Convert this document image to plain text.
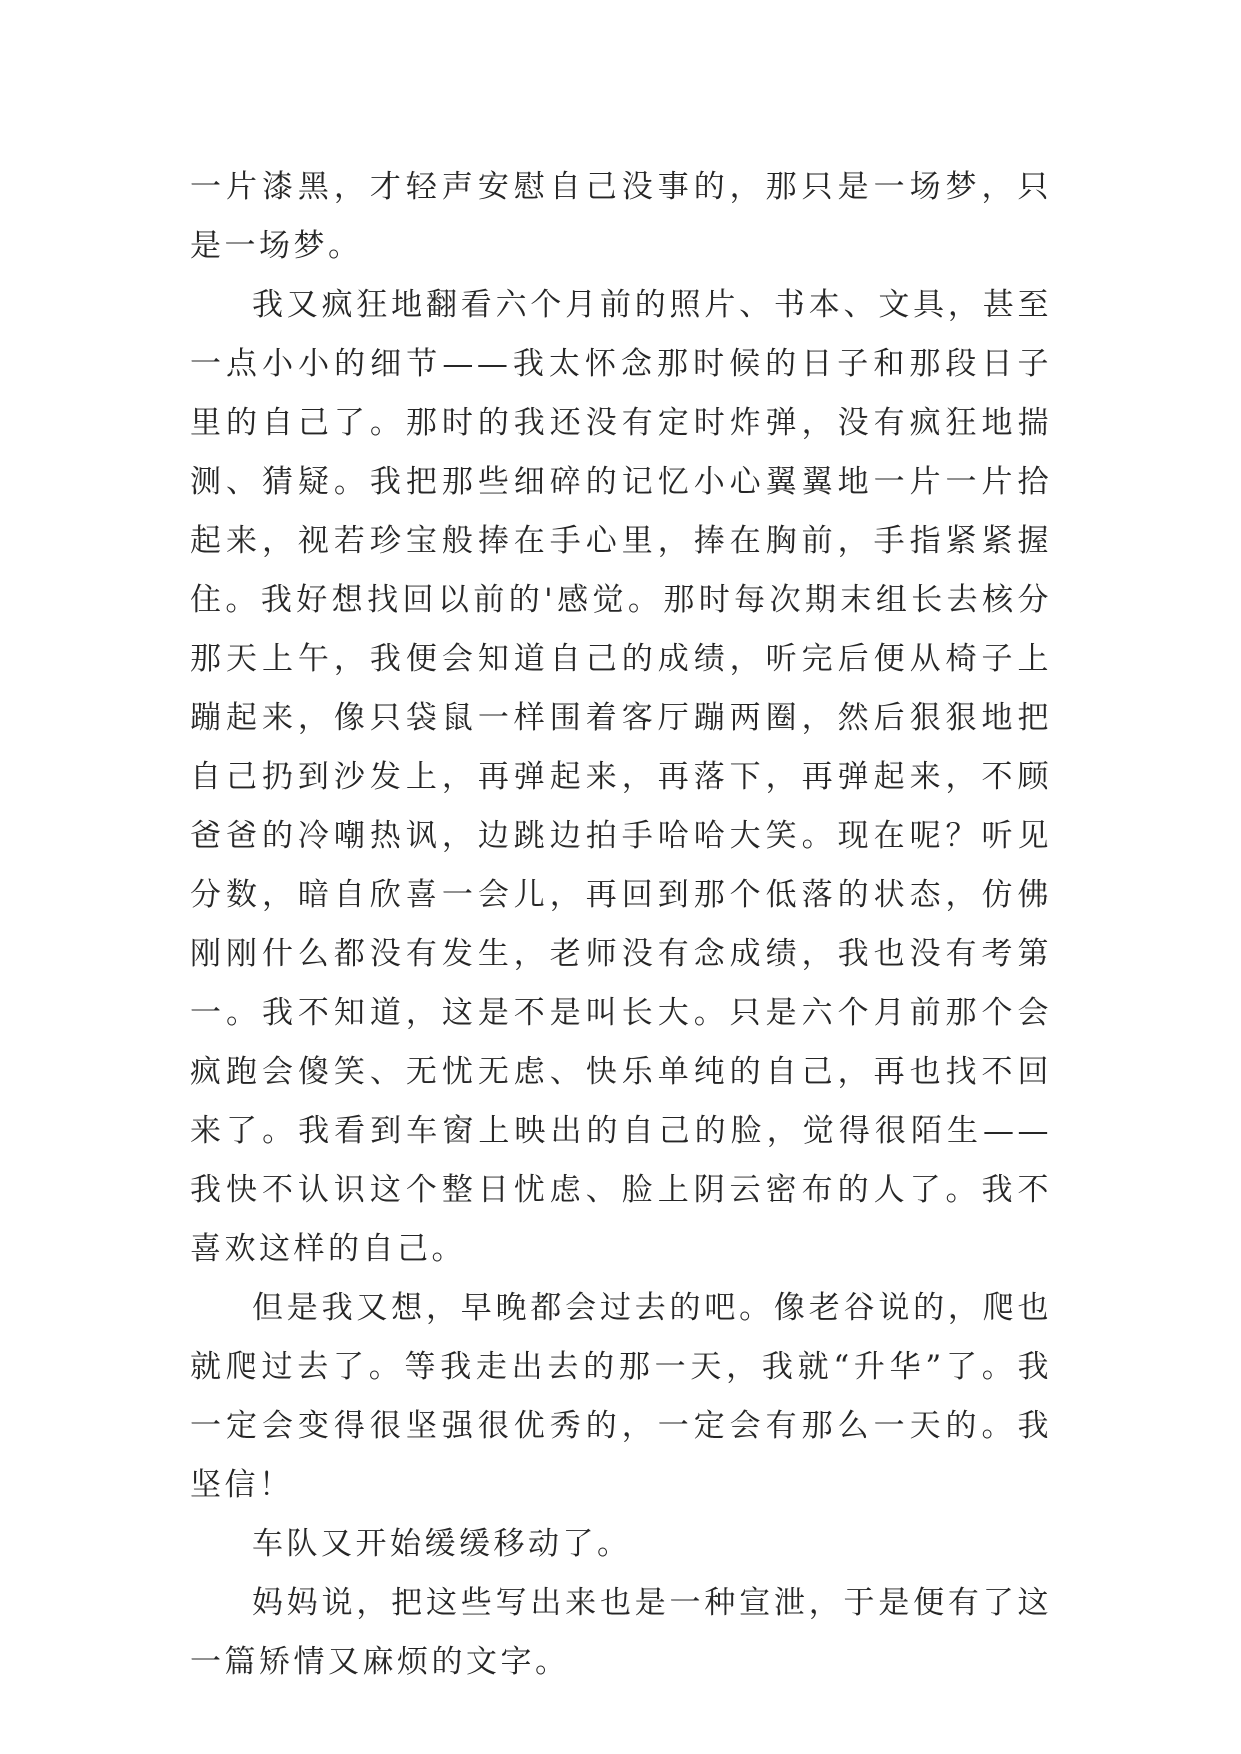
一片漆黑，才轻声安慰自己没事的，那只是一场梦，只是一场梦。

我又疯狂地翻看六个月前的照片、书本、文具，甚至一点小小的细节——我太怀念那时候的日子和那段日子里的自己了。那时的我还没有定时炸弹，没有疯狂地揣测、猜疑。我把那些细碎的记忆小心翼翼地一片一片拾起来，视若珍宝般捧在手心里，捧在胸前，手指紧紧握住。我好想找回以前的'感觉。那时每次期末组长去核分那天上午，我便会知道自己的成绩，听完后便从椅子上蹦起来，像只袋鼠一样围着客厅蹦两圈，然后狠狠地把自己扔到沙发上，再弹起来，再落下，再弹起来，不顾爸爸的冷嘲热讽，边跳边拍手哈哈大笑。现在呢？听见分数，暗自欣喜一会儿，再回到那个低落的状态，仿佛刚刚什么都没有发生，老师没有念成绩，我也没有考第一。我不知道，这是不是叫长大。只是六个月前那个会疯跑会傻笑、无忧无虑、快乐单纯的自己，再也找不回来了。我看到车窗上映出的自己的脸，觉得很陌生——我快不认识这个整日忧虑、脸上阴云密布的人了。我不喜欢这样的自己。

但是我又想，早晚都会过去的吧。像老谷说的，爬也就爬过去了。等我走出去的那一天，我就“升华”了。我一定会变得很坚强很优秀的，一定会有那么一天的。我坚信！

车队又开始缓缓移动了。

妈妈说，把这些写出来也是一种宣泄，于是便有了这一篇矫情又麻烦的文字。
